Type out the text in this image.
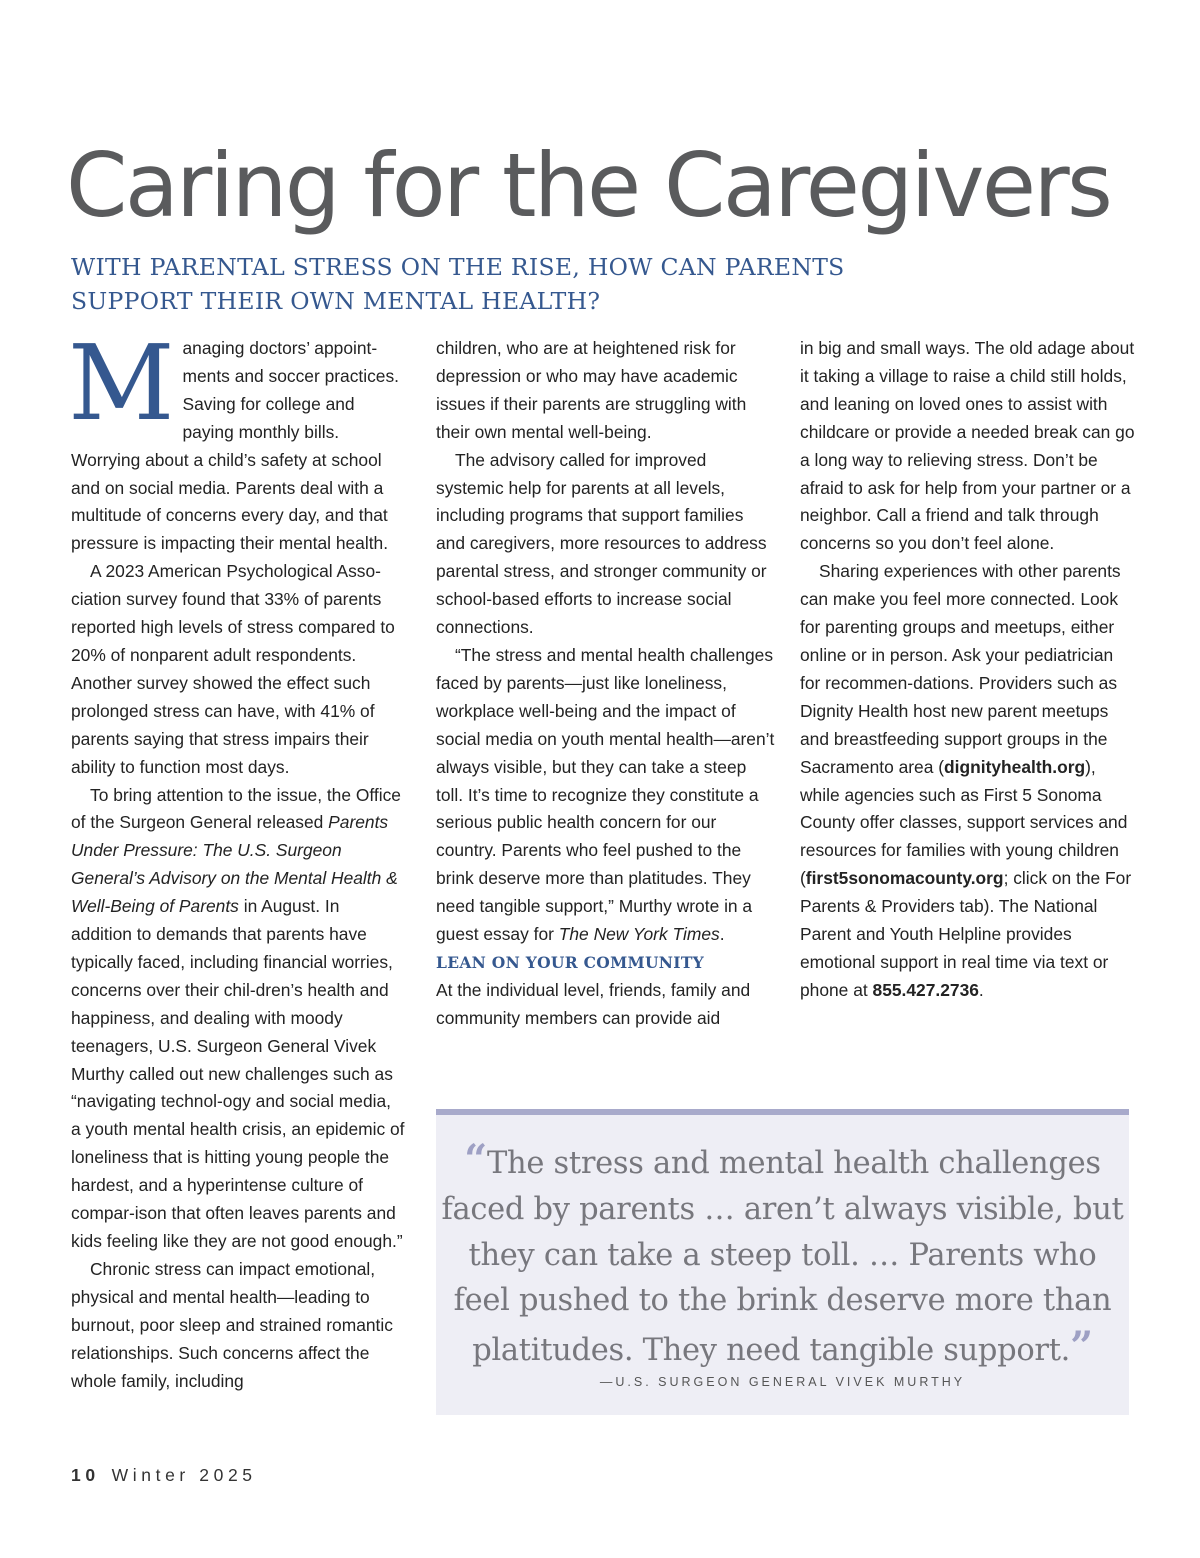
Caring for the Caregivers
WITH PARENTAL STRESS ON THE RISE, HOW CAN PARENTS SUPPORT THEIR OWN MENTAL HEALTH?

Managing doctors’ appoint-ments and soccer practices. Saving for college and paying monthly bills. Worrying about a child’s safety at school and on social media. Parents deal with a multitude of concerns every day, and that pressure is impacting their mental health.

A 2023 American Psychological Asso-ciation survey found that 33% of parents reported high levels of stress compared to 20% of nonparent adult respondents. Another survey showed the effect such prolonged stress can have, with 41% of parents saying that stress impairs their ability to function most days.

To bring attention to the issue, the Office of the Surgeon General released Parents Under Pressure: The U.S. Surgeon General’s Advisory on the Mental Health & Well-Being of Parents in August. In addition to demands that parents have typically faced, including financial worries, concerns over their chil-dren’s health and happiness, and dealing with moody teenagers, U.S. Surgeon General Vivek Murthy called out new challenges such as “navigating technol-ogy and social media, a youth mental health crisis, an epidemic of loneliness that is hitting young people the hardest, and a hyperintense culture of compar-ison that often leaves parents and kids feeling like they are not good enough.”

Chronic stress can impact emotional, physical and mental health—leading to burnout, poor sleep and strained romantic relationships. Such concerns affect the whole family, including

children, who are at heightened risk for depression or who may have academic issues if their parents are struggling with their own mental well-being.

The advisory called for improved systemic help for parents at all levels, including programs that support families and caregivers, more resources to address parental stress, and stronger community or school-based efforts to increase social connections.

“The stress and mental health challenges faced by parents—just like loneliness, workplace well-being and the impact of social media on youth mental health—aren’t always visible, but they can take a steep toll. It’s time to recognize they constitute a serious public health concern for our country. Parents who feel pushed to the brink deserve more than platitudes. They need tangible support,” Murthy wrote in a guest essay for The New York Times.

LEAN ON YOUR COMMUNITY

At the individual level, friends, family and community members can provide aid

in big and small ways. The old adage about it taking a village to raise a child still holds, and leaning on loved ones to assist with childcare or provide a needed break can go a long way to relieving stress. Don’t be afraid to ask for help from your partner or a neighbor. Call a friend and talk through concerns so you don’t feel alone.

Sharing experiences with other parents can make you feel more connected. Look for parenting groups and meetups, either online or in person. Ask your pediatrician for recommen-dations. Providers such as Dignity Health host new parent meetups and breastfeeding support groups in the Sacramento area (dignityhealth.org), while agencies such as First 5 Sonoma County offer classes, support services and resources for families with young children (first5sonomacounty.org; click on the For Parents & Providers tab). The National Parent and Youth Helpline provides emotional support in real time via text or phone at 855.427.2736.

“The stress and mental health challenges faced by parents … aren’t always visible, but they can take a steep toll. … Parents who feel pushed to the brink deserve more than platitudes. They need tangible support.”

—U.S. SURGEON GENERAL VIVEK MURTHY

10 Winter 2025
